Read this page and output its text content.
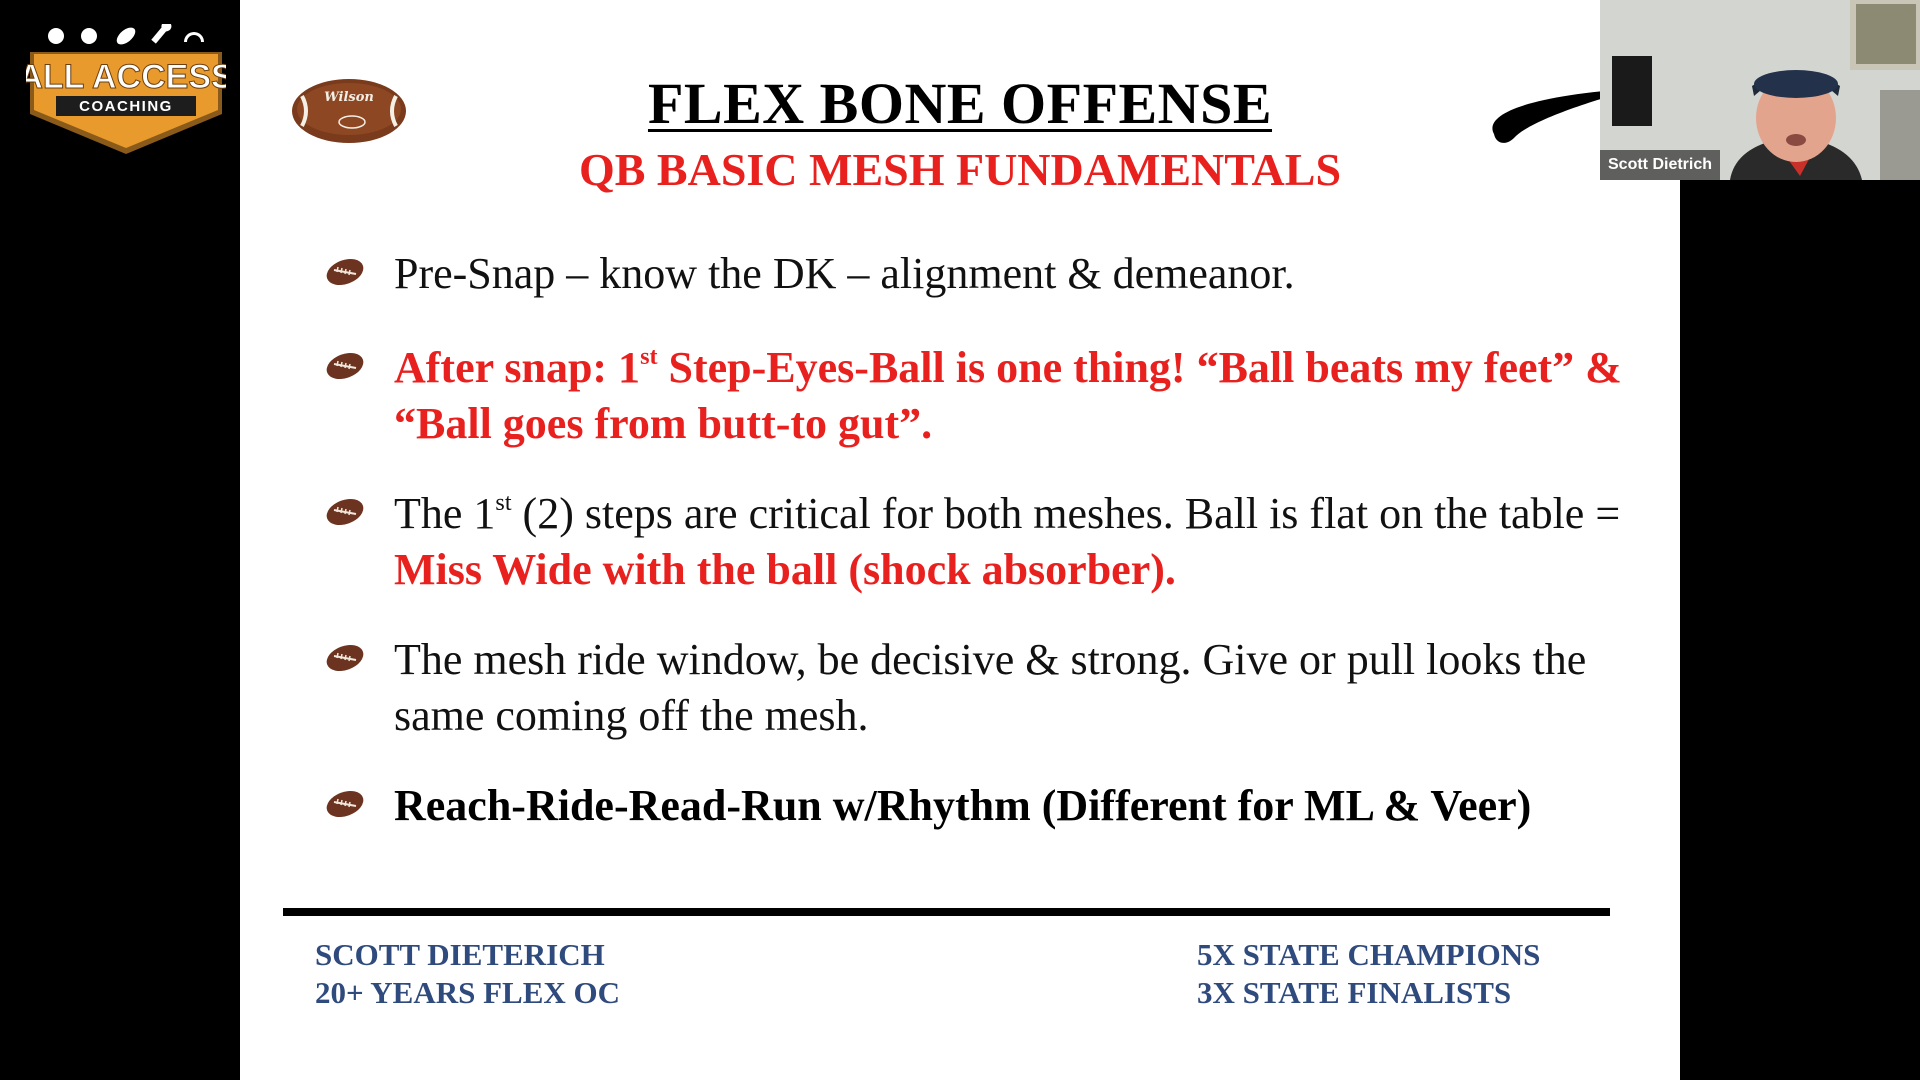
ALL ACCESS
COACHING
Wilson	FLEX BONE OFFENSE
QB BASIC MESH FUNDAMENTALS
Pre-Snap – know the DK – alignment & demeanor.
After snap: 1st Step-Eyes-Ball is one thing! “Ball beats my feet” & “Ball goes from butt-to gut”.
The 1st (2) steps are critical for both meshes. Ball is flat on the table = Miss Wide with the ball (shock absorber).
The mesh ride window, be decisive & strong. Give or pull looks the same coming off the mesh.
Reach-Ride-Read-Run w/Rhythm (Different for ML & Veer)
SCOTT DIETERICH
20+ YEARS FLEX OC
5X STATE CHAMPIONS
3X STATE FINALISTS
Scott Dietrich
